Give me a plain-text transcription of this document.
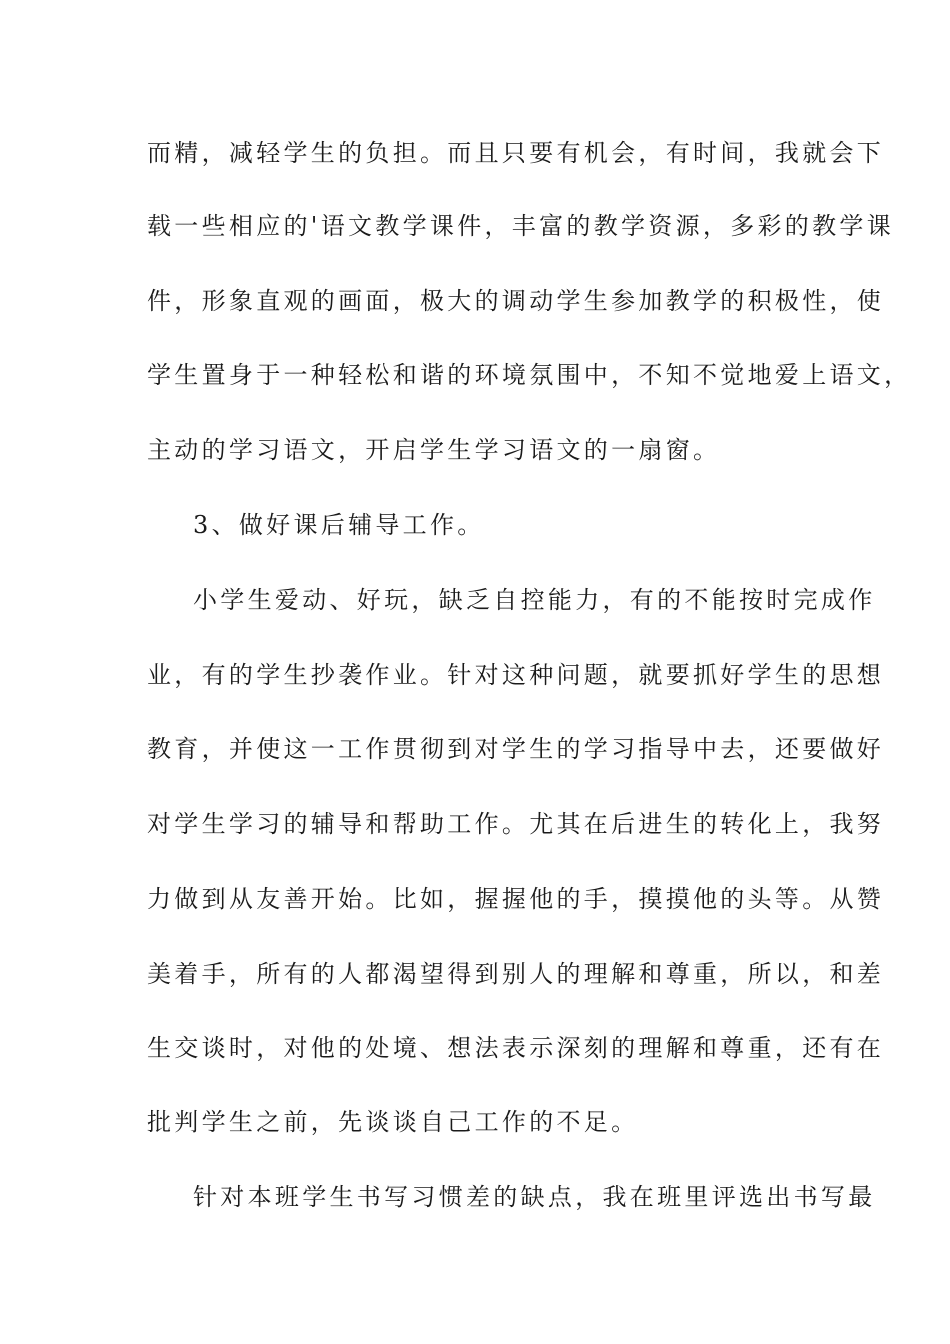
而精，减轻学生的负担。而且只要有机会，有时间，我就会下
载一些相应的'语文教学课件，丰富的教学资源，多彩的教学课
件，形象直观的画面，极大的调动学生参加教学的积极性，使
学生置身于一种轻松和谐的环境氛围中，不知不觉地爱上语文，
主动的学习语文，开启学生学习语文的一扇窗。
3、做好课后辅导工作。
小学生爱动、好玩，缺乏自控能力，有的不能按时完成作
业，有的学生抄袭作业。针对这种问题，就要抓好学生的思想
教育，并使这一工作贯彻到对学生的学习指导中去，还要做好
对学生学习的辅导和帮助工作。尤其在后进生的转化上，我努
力做到从友善开始。比如，握握他的手，摸摸他的头等。从赞
美着手，所有的人都渴望得到别人的理解和尊重，所以，和差
生交谈时，对他的处境、想法表示深刻的理解和尊重，还有在
批判学生之前，先谈谈自己工作的不足。
针对本班学生书写习惯差的缺点，我在班里评选出书写最
